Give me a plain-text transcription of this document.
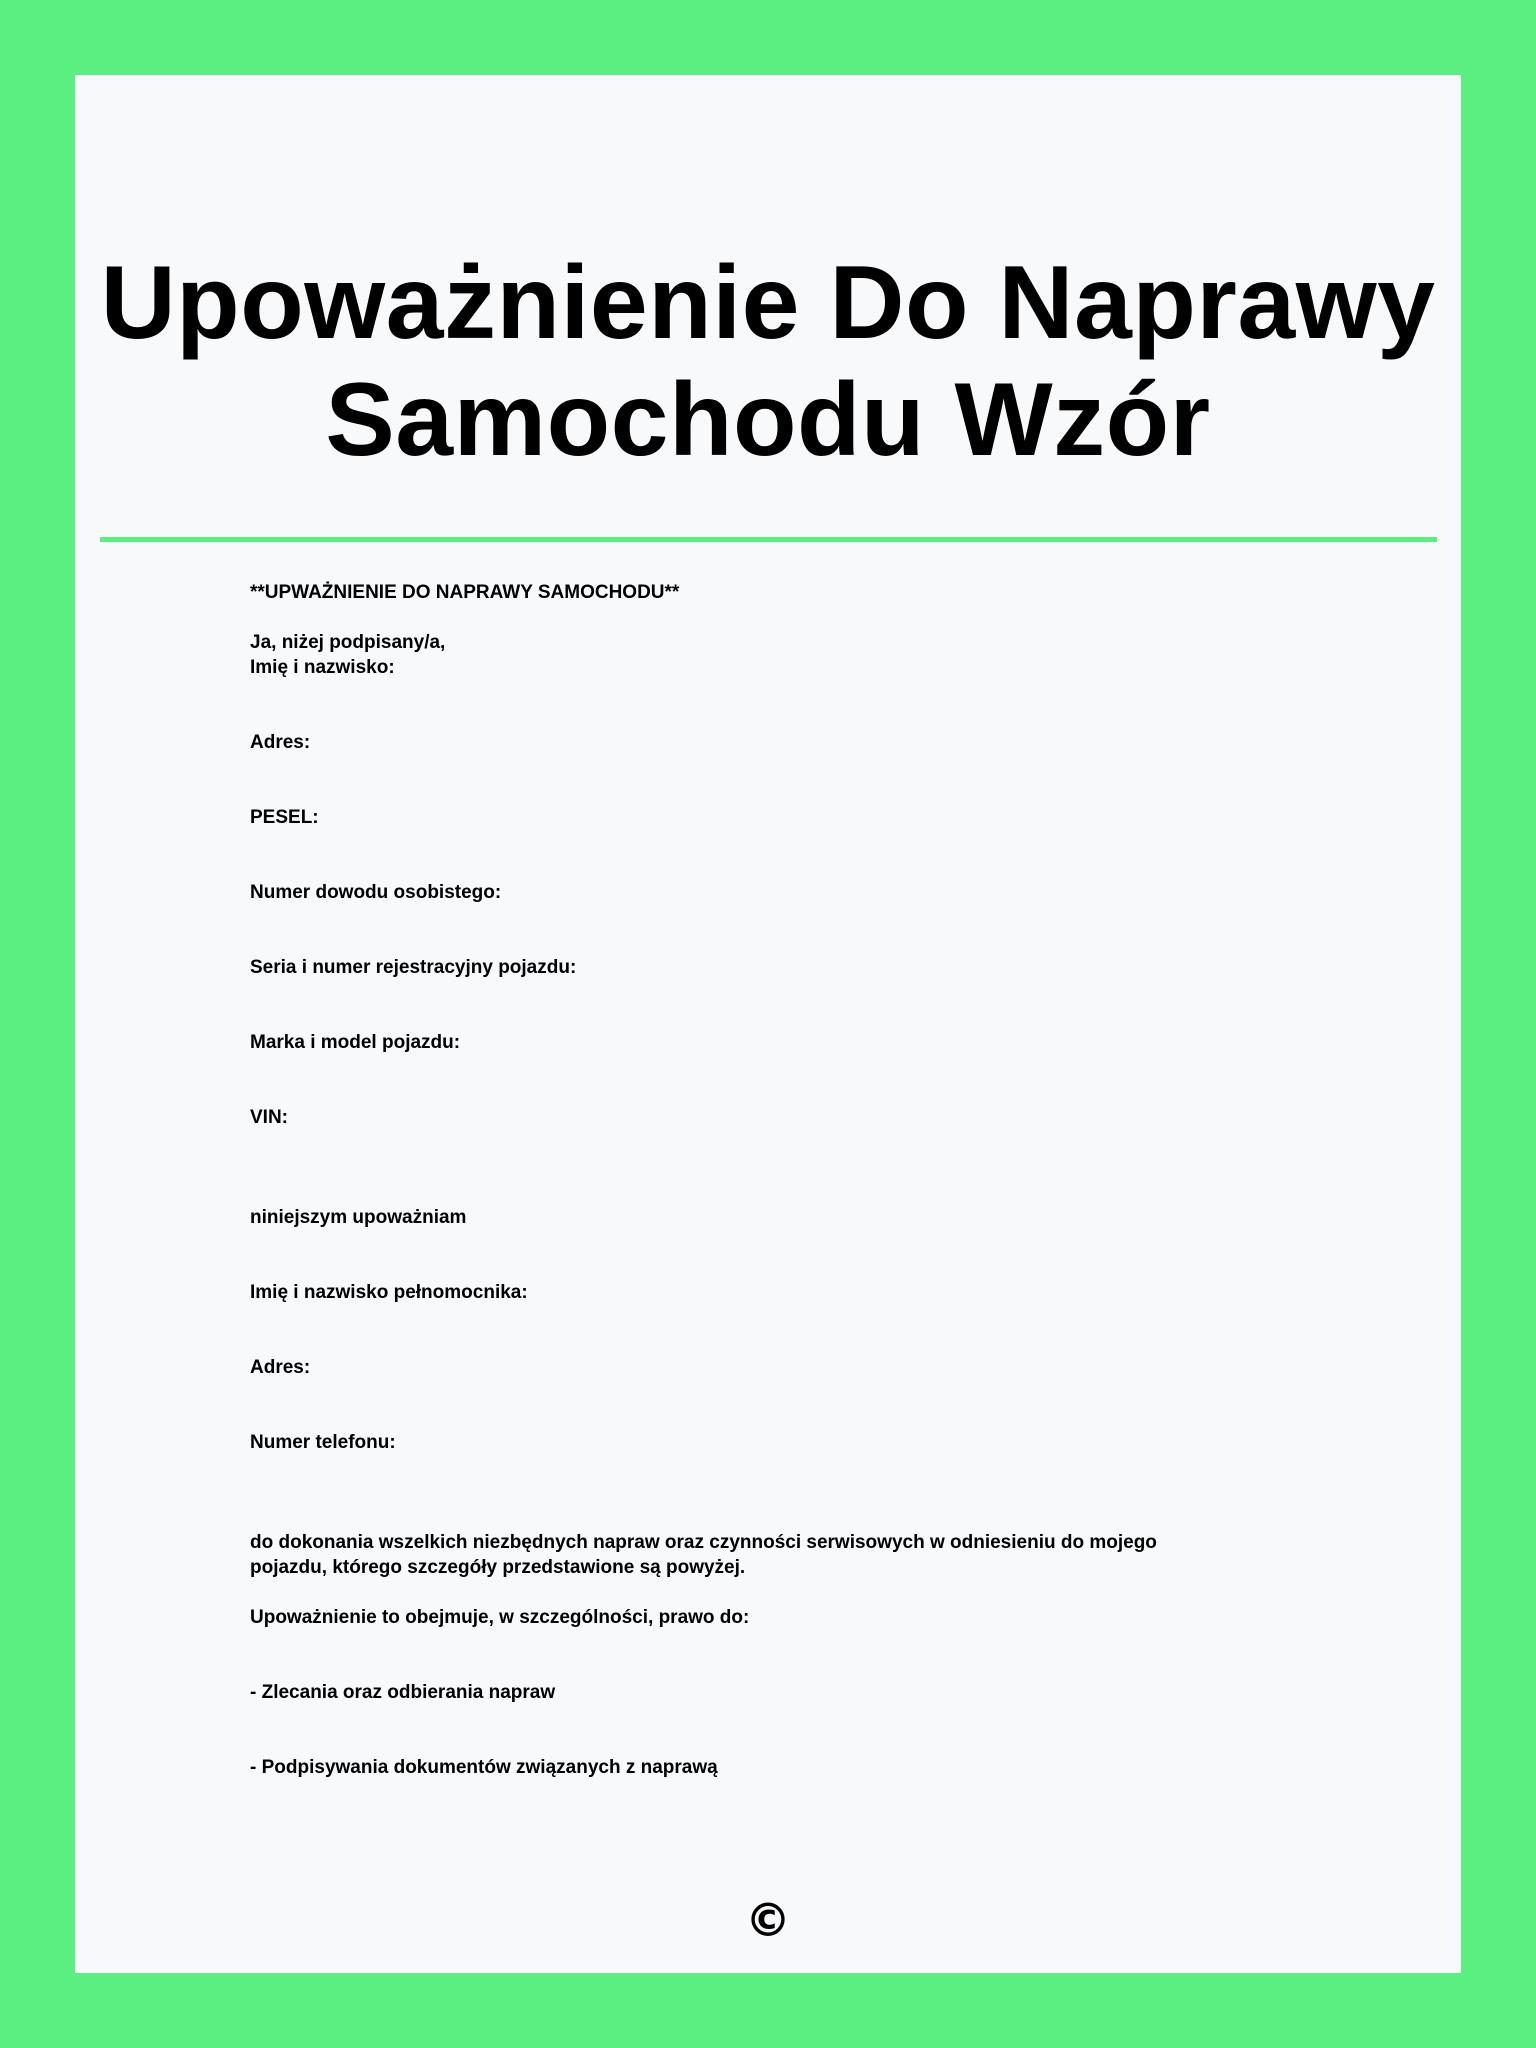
Upoważnienie Do Naprawy Samochodu Wzór
**UPWAŻNIENIE DO NAPRAWY SAMOCHODU**

Ja, niżej podpisany/a,
Imię i nazwisko:

Adres:

PESEL:

Numer dowodu osobistego:

Seria i numer rejestracyjny pojazdu:

Marka i model pojazdu:

VIN:

niniejszym upoważniam

Imię i nazwisko pełnomocnika:

Adres:

Numer telefonu:

do dokonania wszelkich niezbędnych napraw oraz czynności serwisowych w odniesieniu do mojego
pojazdu, którego szczegóły przedstawione są powyżej.

Upoważnienie to obejmuje, w szczególności, prawo do:

- Zlecania oraz odbierania napraw

- Podpisywania dokumentów związanych z naprawą
©
